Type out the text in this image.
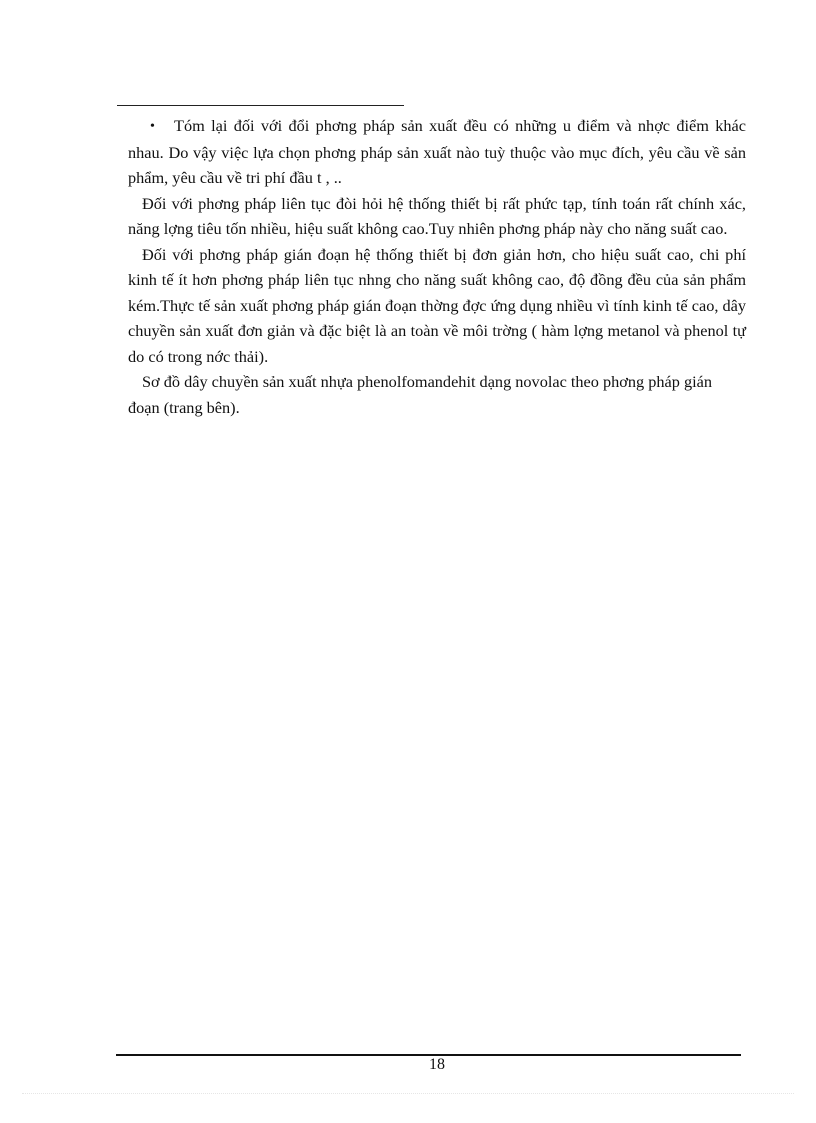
• Tóm lại đối với đổi phơng pháp sản xuất đều có những u điểm và nhợc điểm khác nhau. Do vậy việc lựa chọn phơng pháp sản xuất nào tuỳ thuộc vào mục đích, yêu cầu về sản phẩm, yêu cầu về tri phí đầu t , ..

Đối với phơng pháp liên tục đòi hỏi hệ thống thiết bị rất phức tạp, tính toán rất chính xác, năng lợng tiêu tốn nhiều, hiệu suất không cao.Tuy nhiên phơng pháp này cho năng suất cao.

Đối với phơng pháp gián đoạn hệ thống thiết bị đơn giản hơn, cho hiệu suất cao, chi phí kinh tế ít hơn phơng pháp liên tục nhng cho năng suất không cao, độ đồng đều của sản phẩm kém.Thực tế sản xuất phơng pháp gián đoạn thờng đợc ứng dụng nhiều vì tính kinh tế cao, dây chuyền sản xuất đơn giản và đặc biệt là an toàn về môi trờng ( hàm lợng metanol và phenol tự do có trong nớc thải).

Sơ đồ dây chuyền sản xuất nhựa phenolfomandehit dạng novolac theo phơng pháp gián đoạn (trang bên).

18
